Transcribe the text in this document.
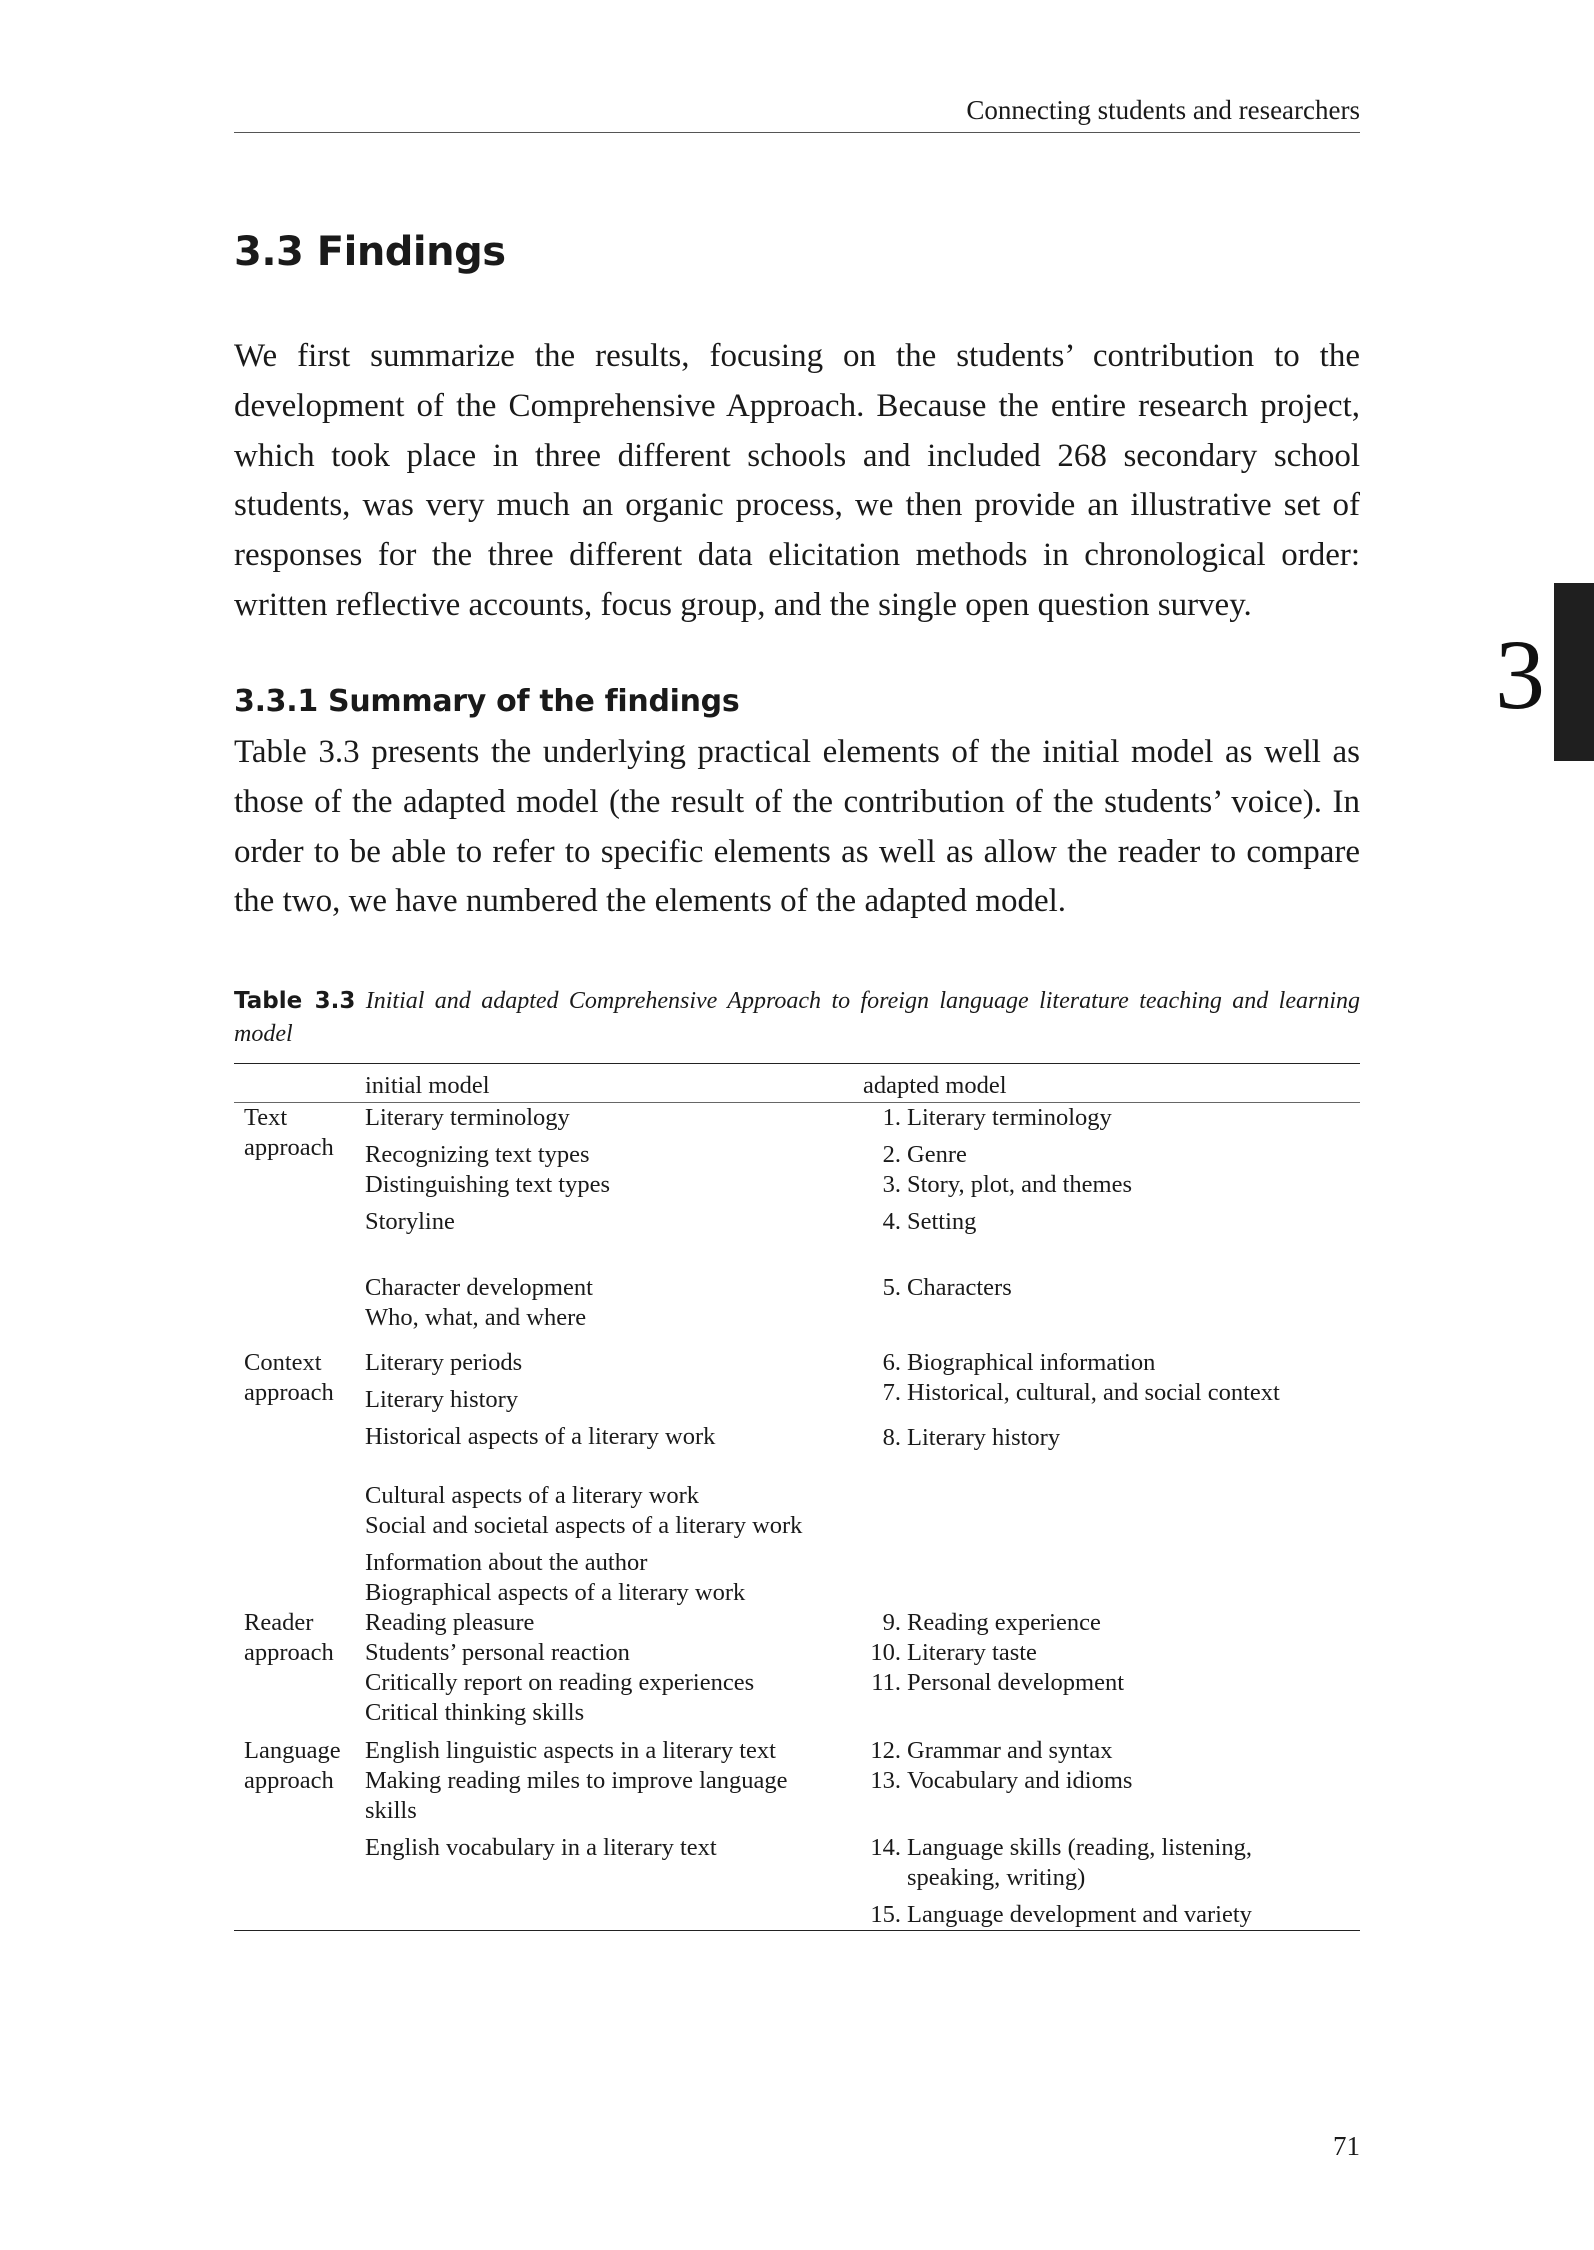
Connecting students and researchers
3.3 Findings

We first summarize the results, focusing on the students’ contribution to the development of the Comprehensive Approach. Because the entire research project, which took place in three different schools and included 268 secondary school students, was very much an organic process, we then provide an illustrative set of responses for the three different data elicitation methods in chronological order: written reflective accounts, focus group, and the single open question survey.

3
3.3.1 Summary of the findings

Table 3.3 presents the underlying practical elements of the initial model as well as those of the adapted model (the result of the contribution of the students’ voice). In order to be able to refer to specific elements as well as allow the reader to compare the two, we have numbered the elements of the adapted model.

Table 3.3 Initial and adapted Comprehensive Approach to foreign language literature teaching and learning model
initial model	adapted model
Text
approach
Literary terminology
Recognizing text types
Distinguishing text types
Storyline
Character development
Who, what, and where
1. Literary terminology
2. Genre
3. Story, plot, and themes
4. Setting
5. Characters
Context
approach
Literary periods
Literary history
Historical aspects of a literary work
Cultural aspects of a literary work
Social and societal aspects of a literary work
Information about the author
Biographical aspects of a literary work
6. Biographical information
7. Historical, cultural, and social context
8. Literary history
Reader
approach
Reading pleasure
Students’ personal reaction
Critically report on reading experiences
Critical thinking skills
9. Reading experience
10. Literary taste
11. Personal development
Language
approach
English linguistic aspects in a literary text
Making reading miles to improve language
skills
English vocabulary in a literary text
12. Grammar and syntax
13. Vocabulary and idioms
14. Language skills (reading, listening,
speaking, writing)
15. Language development and variety
71
